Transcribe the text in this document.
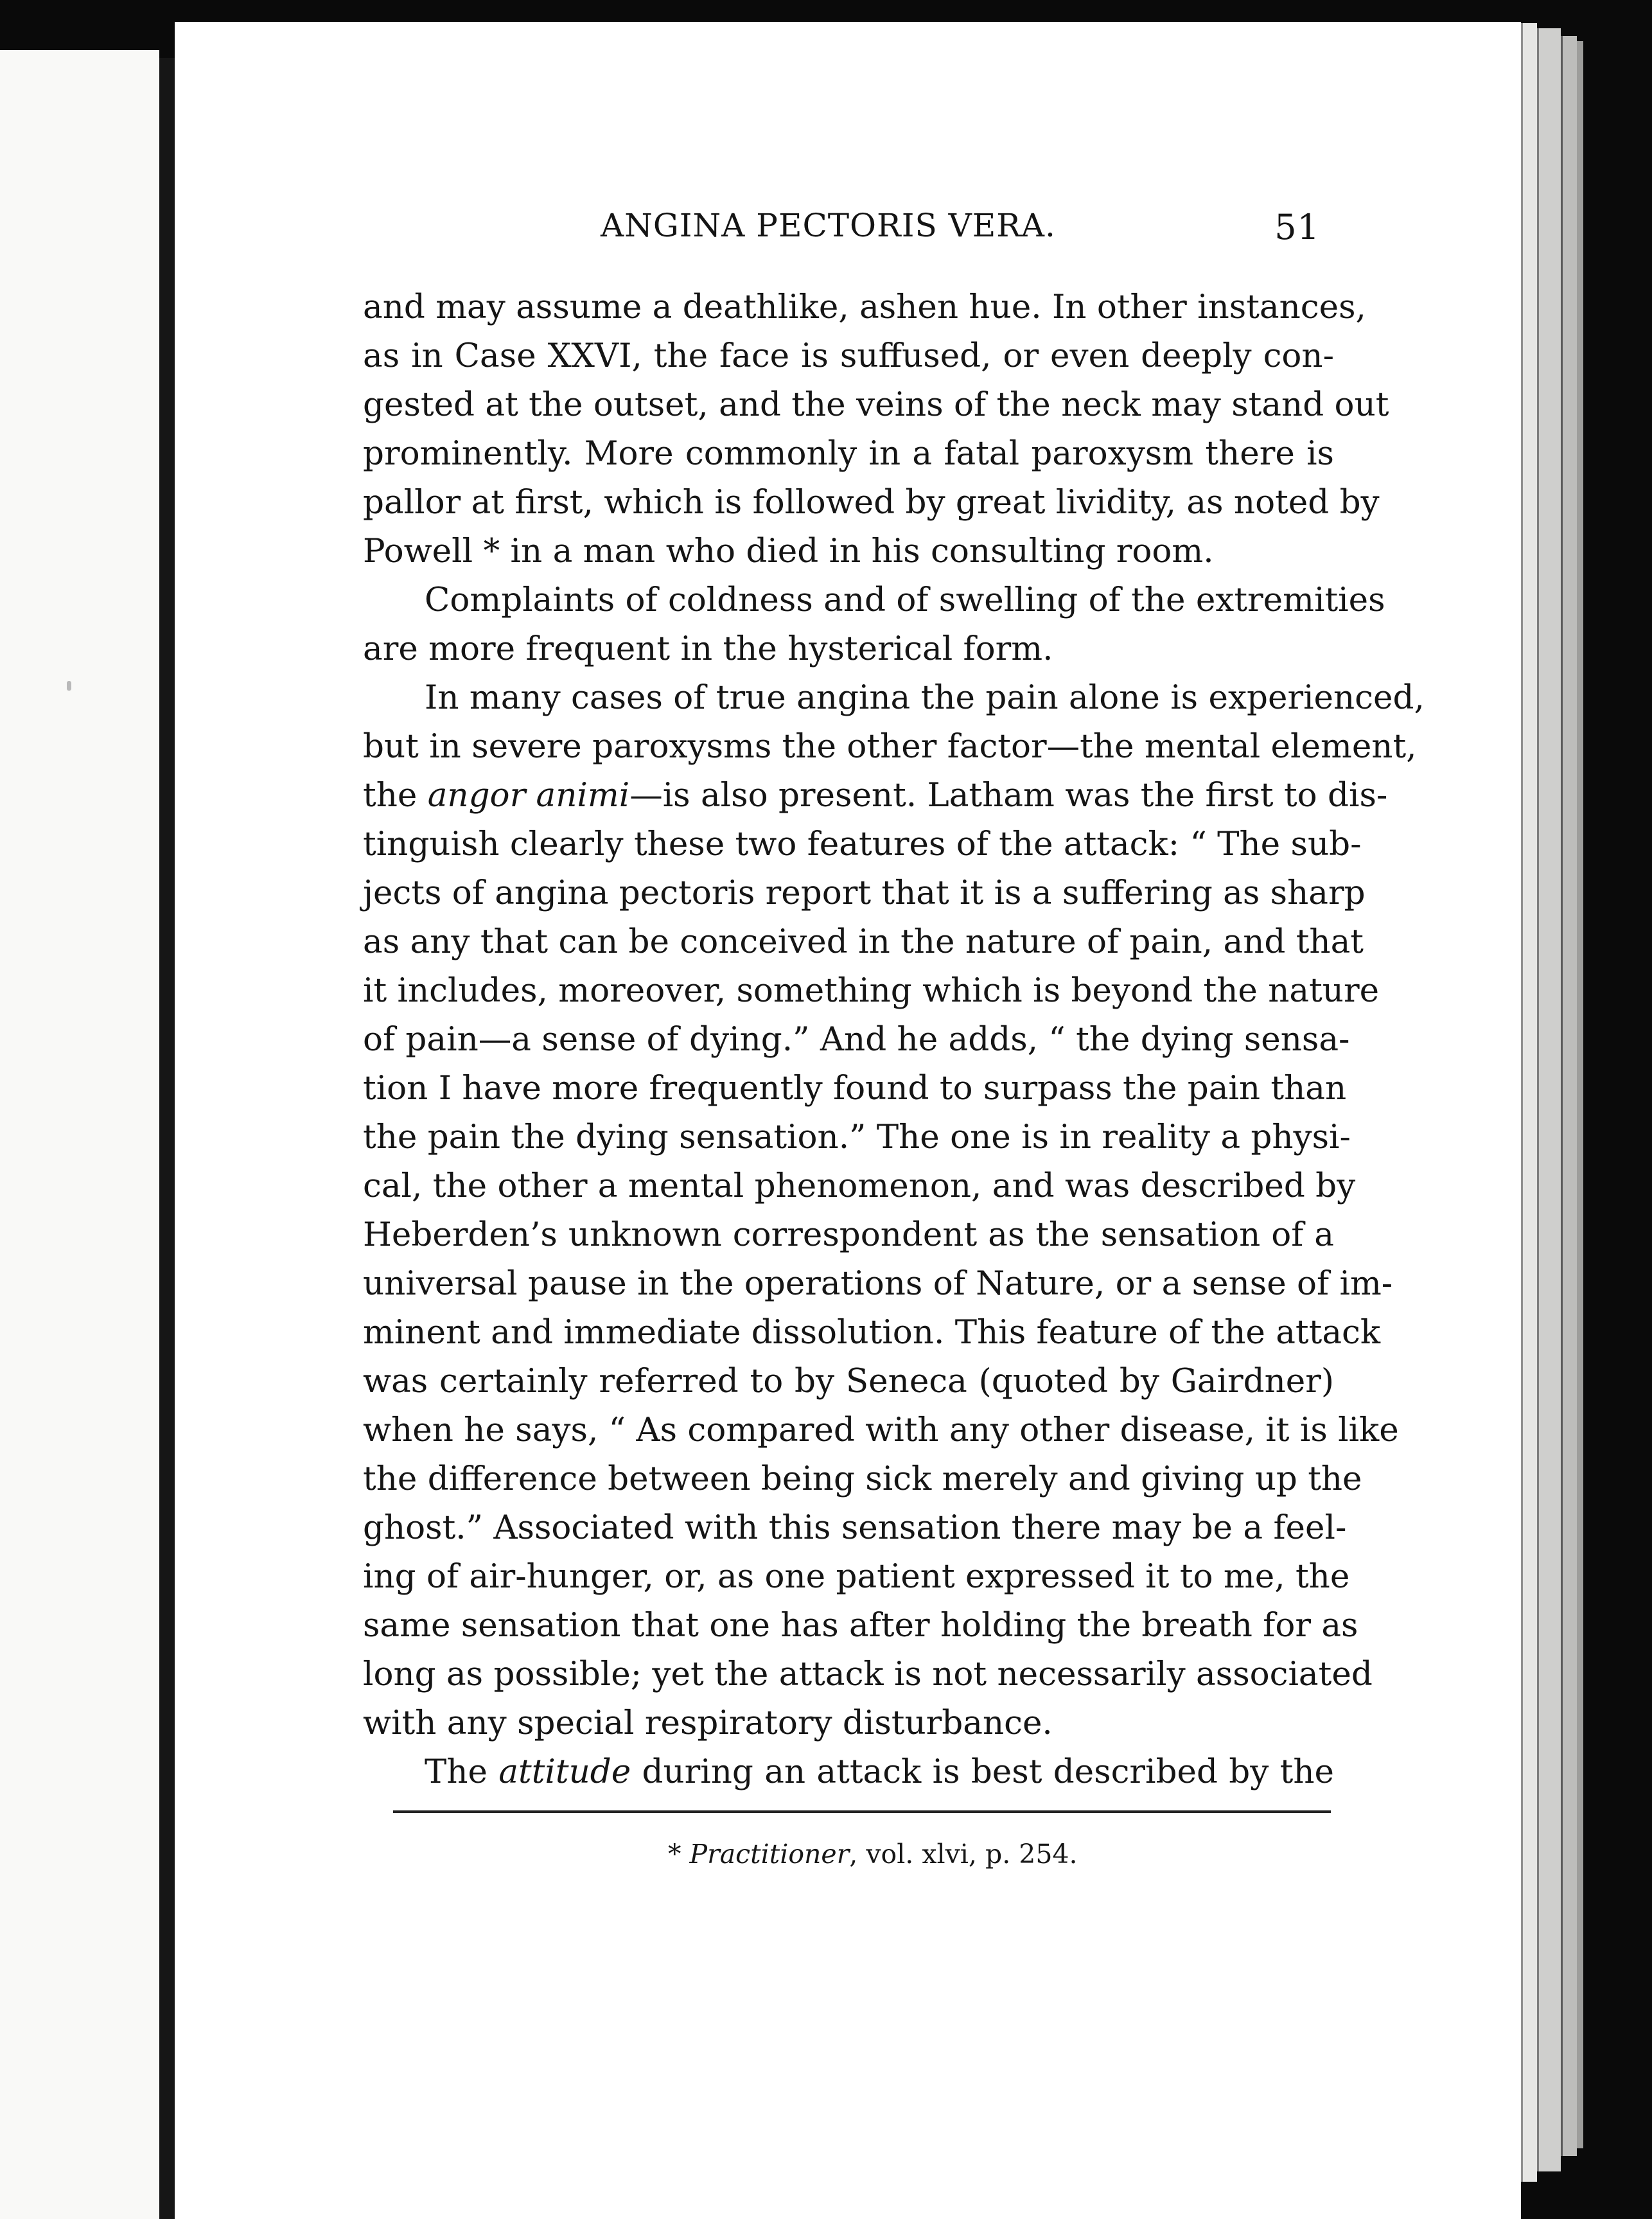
ANGINA PECTORIS VERA.	51
and may assume a deathlike, ashen hue. In other instances,
as in Case XXVI, the face is suffused, or even deeply con-
gested at the outset, and the veins of the neck may stand out
prominently. More commonly in a fatal paroxysm there is
pallor at first, which is followed by great lividity, as noted by
Powell * in a man who died in his consulting room.
Complaints of coldness and of swelling of the extremities
are more frequent in the hysterical form.
In many cases of true angina the pain alone is experienced,
but in severe paroxysms the other factor—the mental element,
the angor animi—is also present. Latham was the first to dis-
tinguish clearly these two features of the attack: “ The sub-
jects of angina pectoris report that it is a suffering as sharp
as any that can be conceived in the nature of pain, and that
it includes, moreover, something which is beyond the nature
of pain—a sense of dying.” And he adds, “ the dying sensa-
tion I have more frequently found to surpass the pain than
the pain the dying sensation.” The one is in reality a physi-
cal, the other a mental phenomenon, and was described by
Heberden’s unknown correspondent as the sensation of a
universal pause in the operations of Nature, or a sense of im-
minent and immediate dissolution. This feature of the attack
was certainly referred to by Seneca (quoted by Gairdner)
when he says, “ As compared with any other disease, it is like
the difference between being sick merely and giving up the
ghost.” Associated with this sensation there may be a feel-
ing of air-hunger, or, as one patient expressed it to me, the
same sensation that one has after holding the breath for as
long as possible; yet the attack is not necessarily associated
with any special respiratory disturbance.
The attitude during an attack is best described by the
* Practitioner, vol. xlvi, p. 254.
